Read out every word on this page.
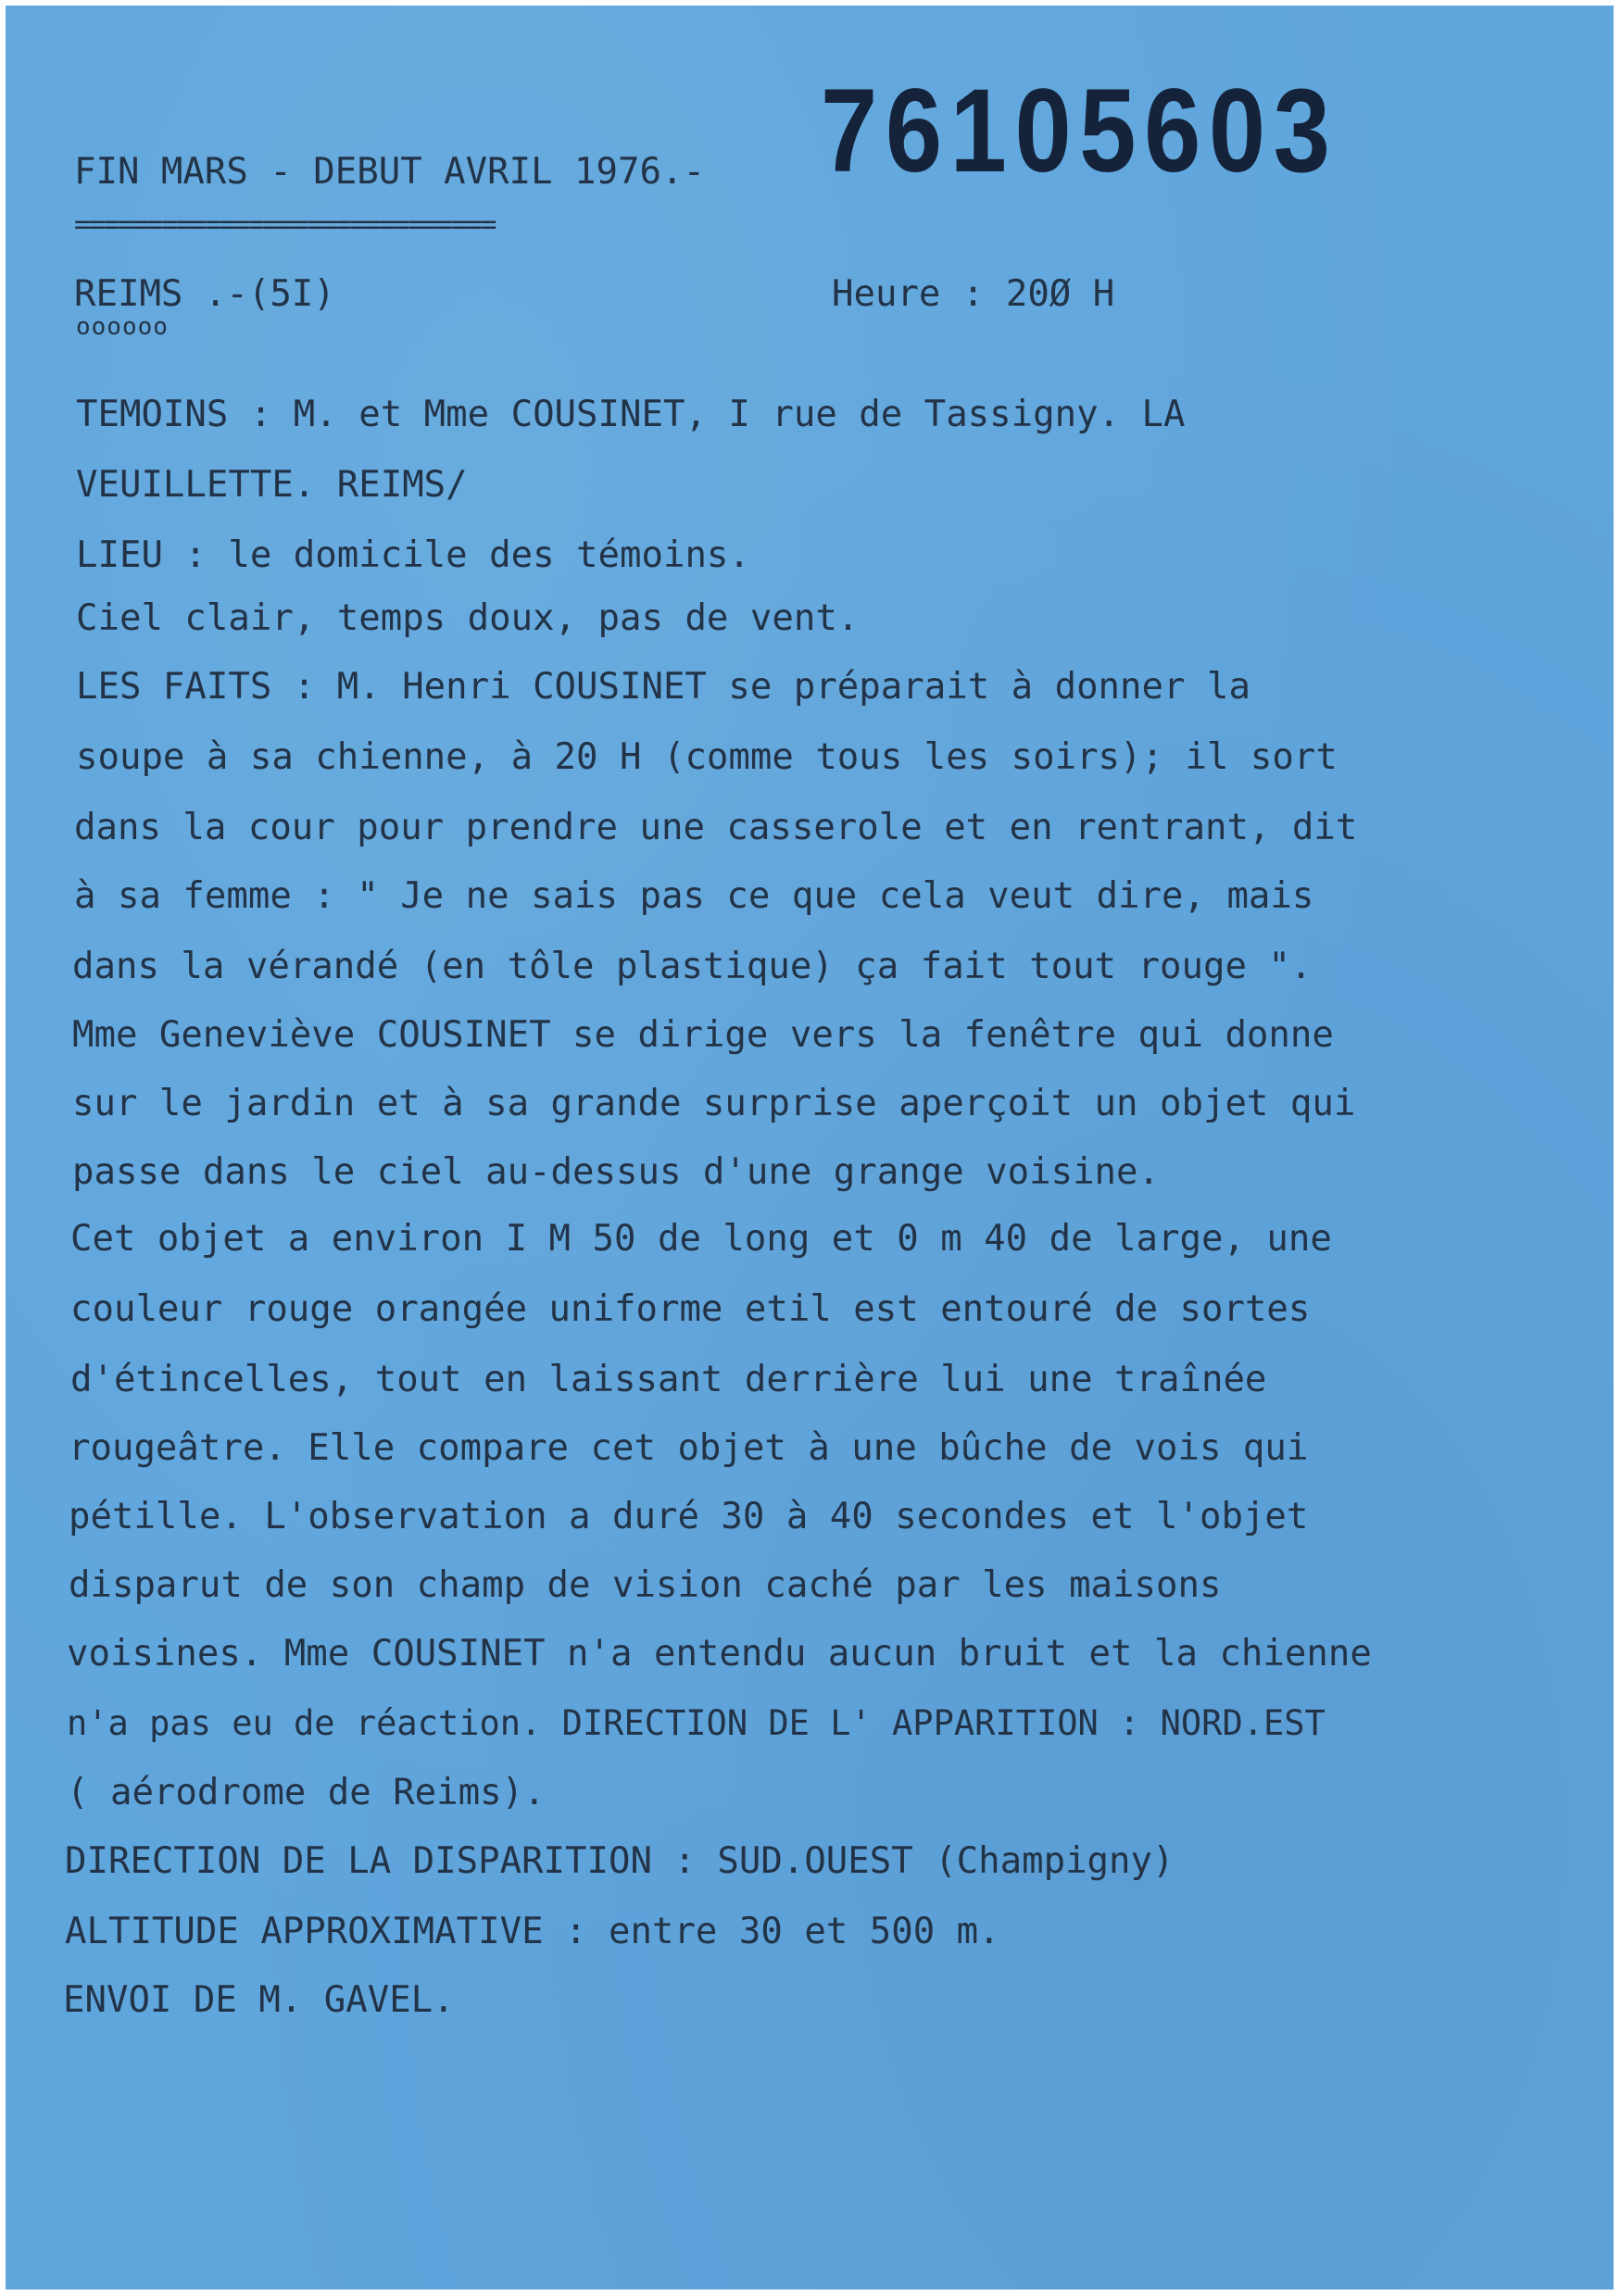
FIN MARS - DEBUT AVRIL 1976.-
=============================
76105603
REIMS .-(5I)
oooooo
Heure : 20Ø H
TEMOINS : M. et Mme COUSINET, I rue de Tassigny. LA
VEUILLETTE. REIMS/
LIEU : le domicile des témoins.
Ciel clair, temps doux, pas de vent.
LES FAITS : M. Henri COUSINET se préparait à donner la
soupe à sa chienne, à 20 H (comme tous les soirs); il sort
dans la cour pour prendre une casserole et en rentrant, dit
à sa femme : " Je ne sais pas ce que cela veut dire, mais
dans la vérandé (en tôle plastique) ça fait tout rouge ".
Mme Geneviève COUSINET se dirige vers la fenêtre qui donne
sur le jardin et à sa grande surprise aperçoit un objet qui
passe dans le ciel au-dessus d'une grange voisine.
Cet objet a environ I M 50 de long et 0 m 40 de large, une
couleur rouge orangée uniforme etil est entouré de sortes
d'étincelles, tout en laissant derrière lui une traînée
rougeâtre. Elle compare cet objet à une bûche de vois qui
pétille. L'observation a duré 30 à 40 secondes et l'objet
disparut de son champ de vision caché par les maisons
voisines. Mme COUSINET n'a entendu aucun bruit et la chienne
n'a pas eu de réaction. DIRECTION DE L' APPARITION : NORD.EST
( aérodrome de Reims).
DIRECTION DE LA DISPARITION : SUD.OUEST (Champigny)
ALTITUDE APPROXIMATIVE : entre 30 et 500 m.
ENVOI DE M. GAVEL.
